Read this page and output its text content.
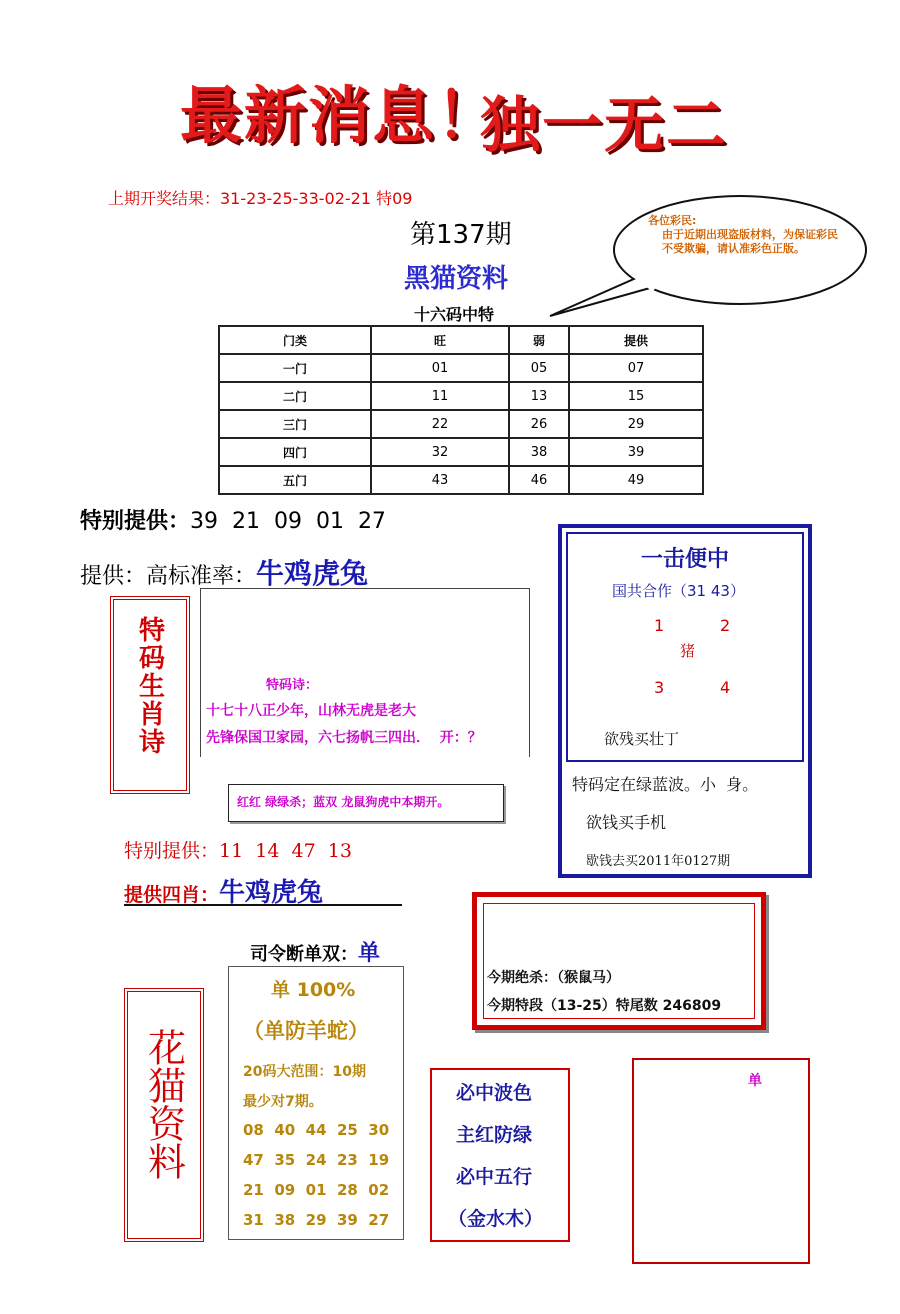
最新消息！
独一无二
上期开奖结果：31-23-25-33-02-21 特09
第137期
黑猫资料
十六码中特
各位彩民:
由于近期出现盗版材料，为保证彩民不受欺骗，请认准彩色正版。
门类	旺	弱	提供
一门	01	05	07
二门	11	13	15
三门	22	26	29
四门	32	38	39
五门	43	46	49
特别提供：39  21  09  01  27
提供：高标准率：牛鸡虎兔
特码生肖诗	特码诗：
十七十八正少年，山林无虎是老大
先锋保国卫家园，六七扬帆三四出．  开：？
红红 绿绿杀；蓝双 龙鼠狗虎中本期开。
一击便中
国共合作（31 43）
1	2
猪
3	4
欲残买壮丁
特码定在绿蓝波。小  身。
欲钱买手机
歇钱去买2011年0127期
特别提供：11  14  47  13
提供四肖：牛鸡虎兔
今期绝杀：（猴鼠马）
今期特段（13-25）特尾数 246809
司令断单双：单
花猫资料
单 100%
（单防羊蛇）
20码大范围：10期
最少对7期。
08  40  44  25  30
47  35  24  23  19
21  09  01  28  02
31  38  29  39  27
必中波色
主红防绿
必中五行
（金水木）
单
